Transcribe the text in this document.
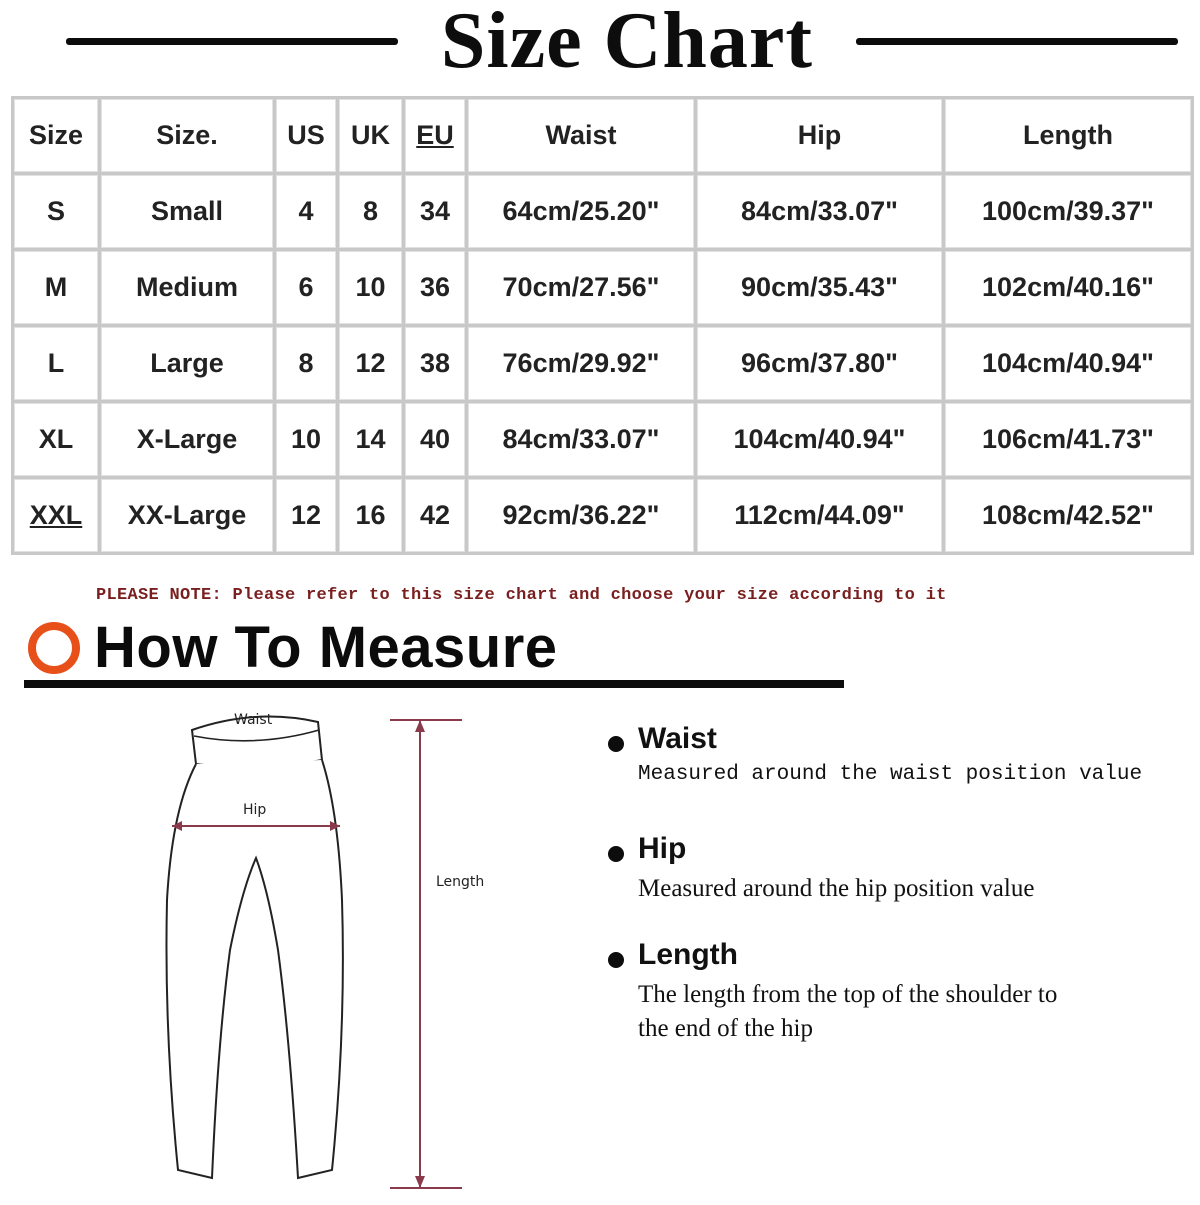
Size Chart
Size	Size.	US	UK	EU	Waist	Hip	Length
S	Small	4	8	34	64cm/25.20"	84cm/33.07"	100cm/39.37"
M	Medium	6	10	36	70cm/27.56"	90cm/35.43"	102cm/40.16"
L	Large	8	12	38	76cm/29.92"	96cm/37.80"	104cm/40.94"
XL	X-Large	10	14	40	84cm/33.07"	104cm/40.94"	106cm/41.73"
XXL	XX-Large	12	16	42	92cm/36.22"	112cm/44.09"	108cm/42.52"
PLEASE NOTE: Please refer to this size chart and choose your size according to it
How To Measure
Waist
Hip
Length
Waist
Measured around the waist position value
Hip
Measured around the hip position value
Length
The length from the top of the shoulder to
the end of the hip
